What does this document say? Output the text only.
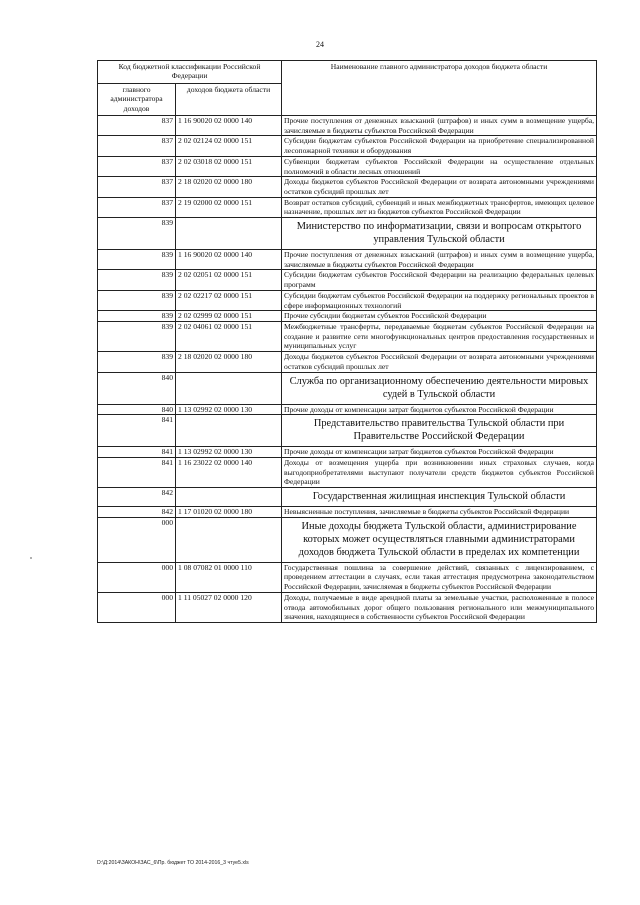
24
Код бюджетной классификации Российской Федерации		Наименование главного администратора доходов бюджета области
главного администратора доходов	доходов бюджета области	
837	1 16 90020 02 0000 140	Прочие поступления от денежных взысканий (штрафов) и иных сумм в возмещение ущерба, зачисляемые в бюджеты субъектов Российской Федерации
837	2 02 02124 02 0000 151	Субсидии бюджетам субъектов Российской Федерации на приобретение специализированной лесопожарной техники и оборудования
837	2 02 03018 02 0000 151	Субвенции бюджетам субъектов Российской Федерации на осуществление отдельных полномочий в области лесных отношений
837	2 18 02020 02 0000 180	Доходы бюджетов субъектов Российской Федерации от возврата автономными учреждениями остатков субсидий прошлых лет
837	2 19 02000 02 0000 151	Возврат остатков субсидий, субвенций и иных межбюджетных трансфертов, имеющих целевое назначение, прошлых лет из бюджетов субъектов Российской Федерации
839		Министерство по информатизации, связи и вопросам открытого управления Тульской области
839	1 16 90020 02 0000 140	Прочие поступления от денежных взысканий (штрафов) и иных сумм в возмещение ущерба, зачисляемые в бюджеты субъектов Российской Федерации
839	2 02 02051 02 0000 151	Субсидии бюджетам субъектов Российской Федерации на реализацию федеральных целевых программ
839	2 02 02217 02 0000 151	Субсидии бюджетам субъектов Российской Федерации на поддержку региональных проектов в сфере информационных технологий
839	2 02 02999 02 0000 151	Прочие субсидии бюджетам субъектов Российской Федерации
839	2 02 04061 02 0000 151	Межбюджетные трансферты, передаваемые бюджетам субъектов Российской Федерации на создание и развитие сети многофункциональных центров предоставления государственных и муниципальных услуг
839	2 18 02020 02 0000 180	Доходы бюджетов субъектов Российской Федерации от возврата автономными учреждениями остатков субсидий прошлых лет
840		Служба по организационному обеспечению деятельности мировых судей в Тульской области
840	1 13 02992 02 0000 130	Прочие доходы от компенсации затрат бюджетов субъектов Российской Федерации
841		Представительство правительства Тульской области при Правительстве Российской Федерации
841	1 13 02992 02 0000 130	Прочие доходы от компенсации затрат бюджетов субъектов Российской Федерации
841	1 16 23022 02 0000 140	Доходы от возмещения ущерба при возникновении иных страховых случаев, когда выгодоприобретателями выступают получатели средств бюджетов субъектов Российской Федерации
842		Государственная жилищная инспекция Тульской области
842	1 17 01020 02 0000 180	Невыясненные поступления, зачисляемые в бюджеты субъектов Российской Федерации
000		Иные доходы бюджета Тульской области, администрирование которых может осуществляться главными администраторами доходов бюджета Тульской области в пределах их компетенции
000	1 08 07082 01 0000 110	Государственная пошлина за совершение действий, связанных с лицензированием, с проведением аттестации в случаях, если такая аттестация предусмотрена законодательством Российской Федерации, зачисляемая в бюджеты субъектов Российской Федерации
000	1 11 05027 02 0000 120	Доходы, получаемые в виде арендной платы за земельные участки, расположенные в полосе отвода автомобильных дорог общего пользования регионального или межмуниципального значения, находящиеся в собственности субъектов Российской Федерации
D:\Д:2014\ЗАКОН\ЗАС_6\Пр. бюджет ТО 2014-2016_3 чтуе5.xls
